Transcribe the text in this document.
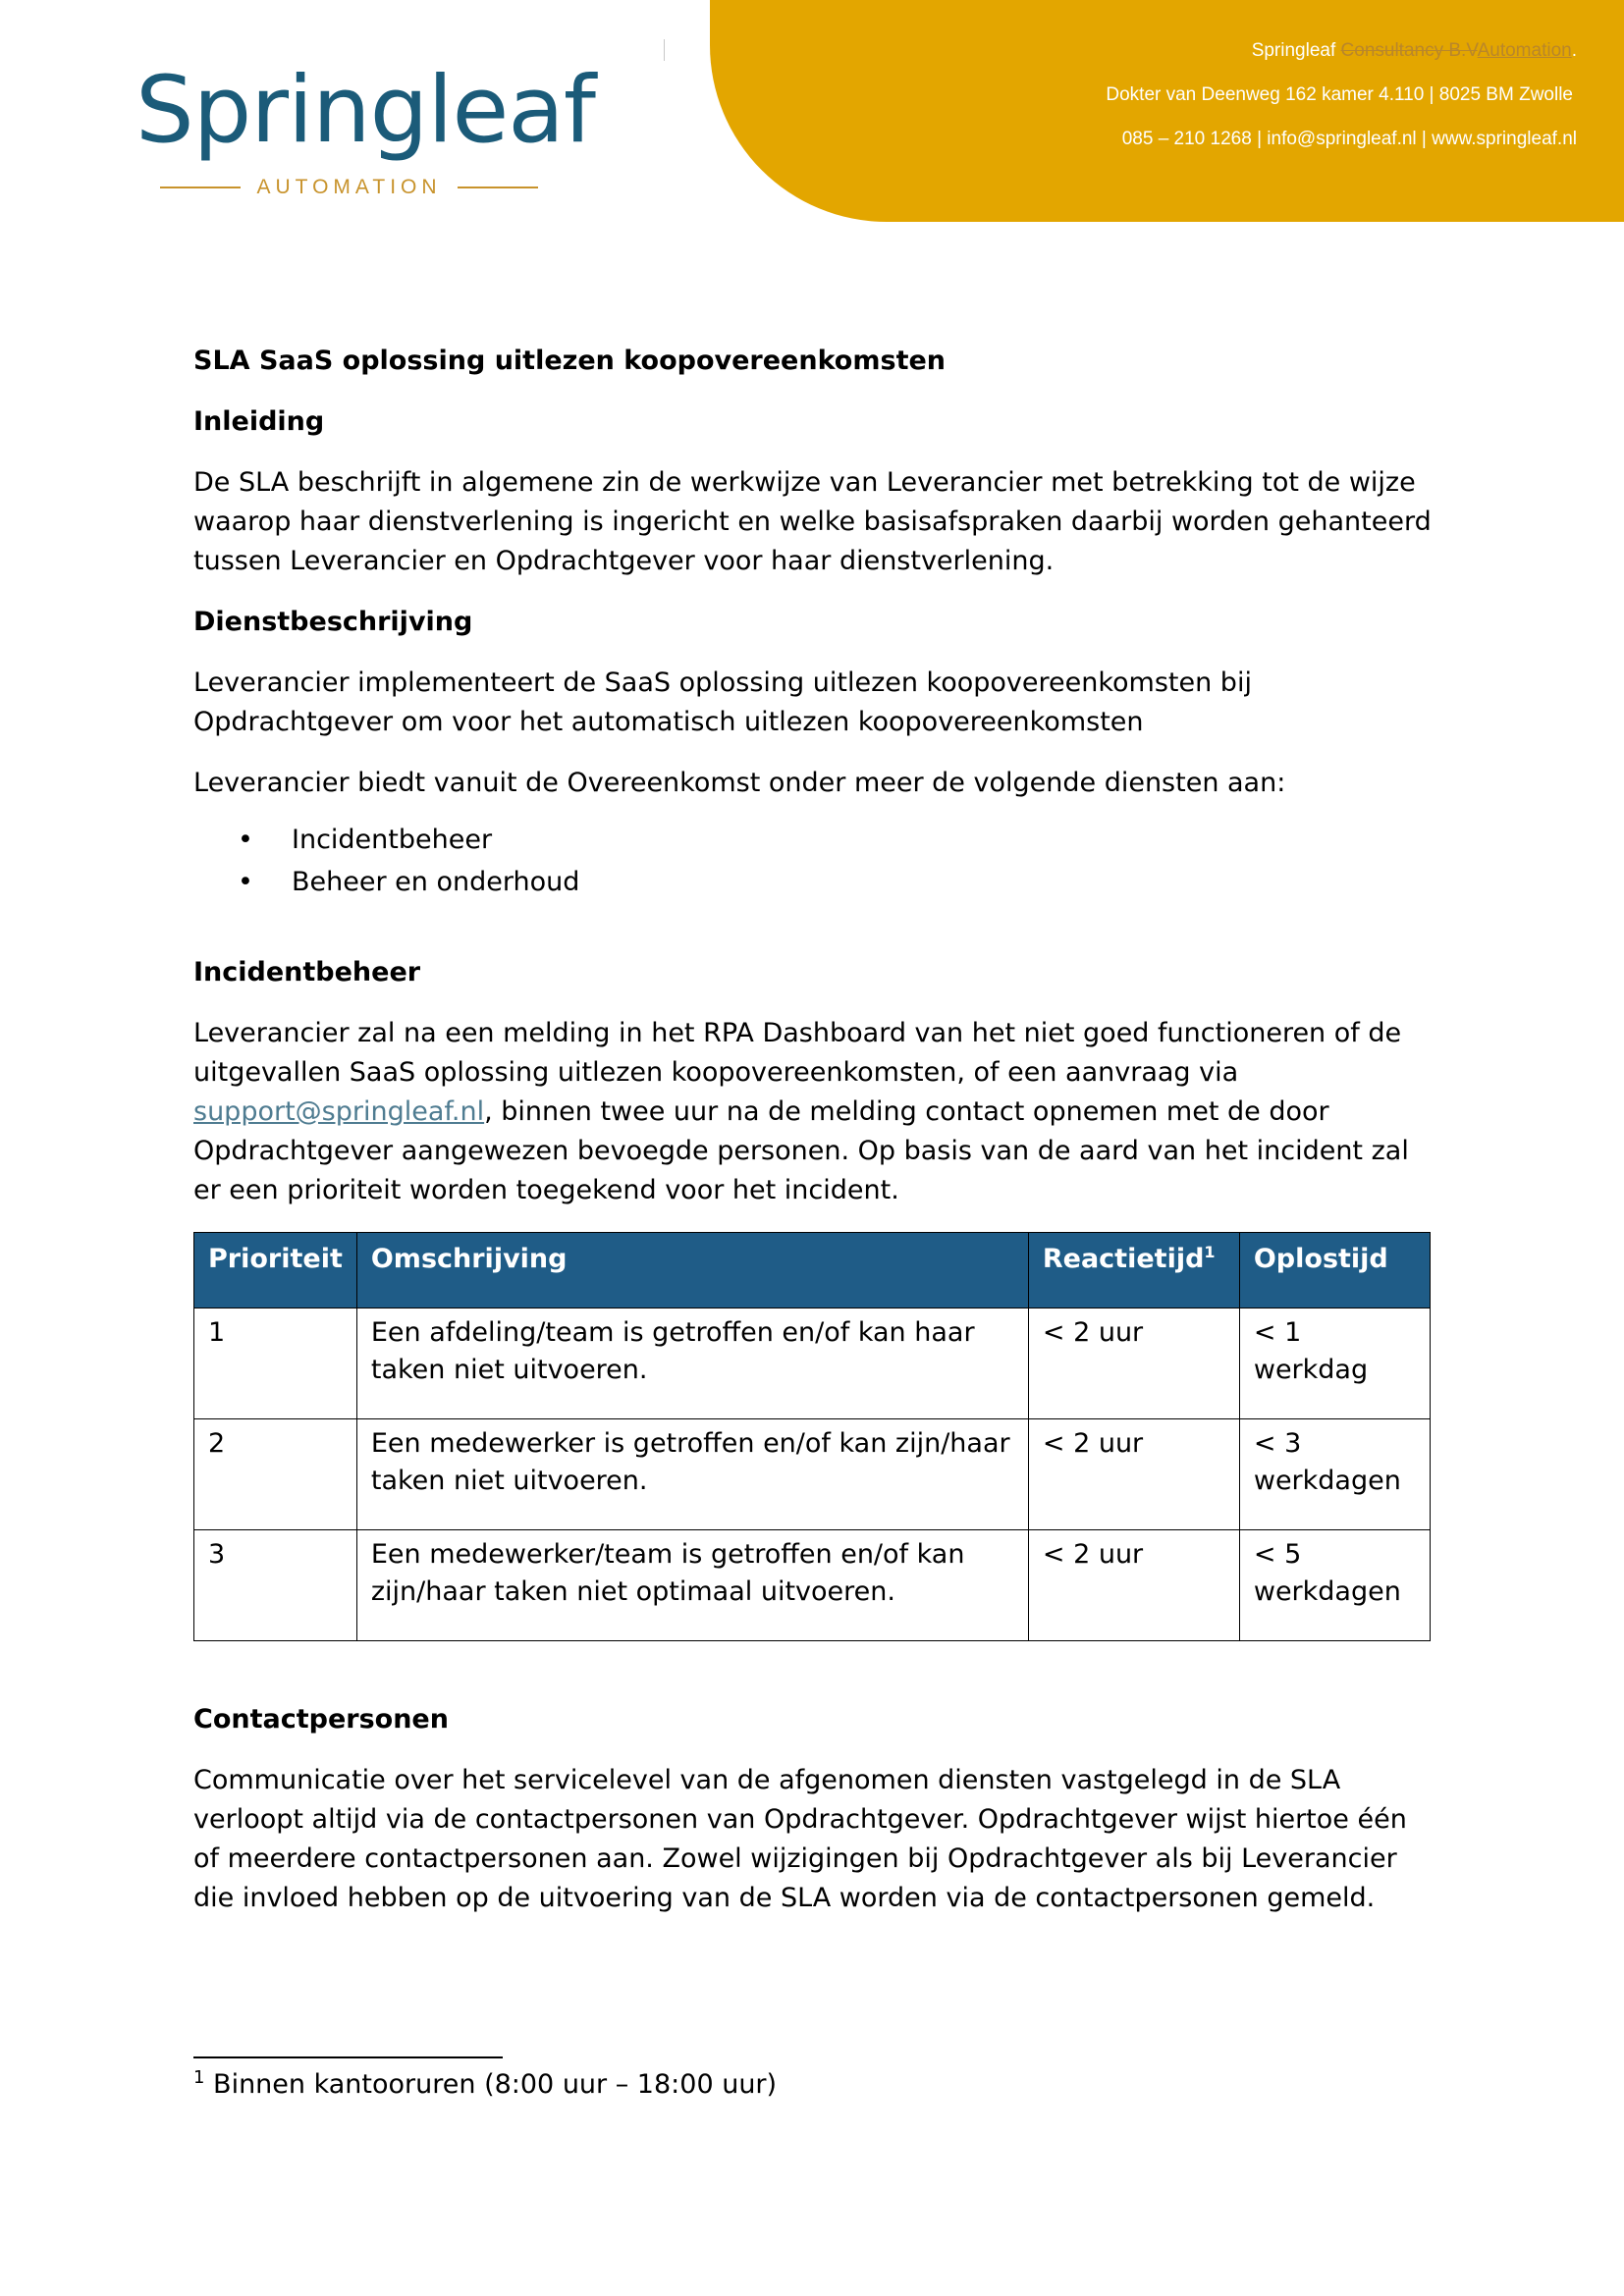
Springleaf Consultancy B.VAutomation.
Dokter van Deenweg 162 kamer 4.110 | 8025 BM Zwolle
085 – 210 1268 | info@springleaf.nl | www.springleaf.nl
Springleaf
AUTOMATION
SLA SaaS oplossing uitlezen koopovereenkomsten
Inleiding
De SLA beschrijft in algemene zin de werkwijze van Leverancier met betrekking tot de wijze waarop haar dienstverlening is ingericht en welke basisafspraken daarbij worden gehanteerd tussen Leverancier en Opdrachtgever voor haar dienstverlening.
Dienstbeschrijving
Leverancier implementeert de SaaS oplossing uitlezen koopovereenkomsten bij Opdrachtgever om voor het automatisch uitlezen koopovereenkomsten
Leverancier biedt vanuit de Overeenkomst onder meer de volgende diensten aan:
• Incidentbeheer
• Beheer en onderhoud
Incidentbeheer
Leverancier zal na een melding in het RPA Dashboard van het niet goed functioneren of de uitgevallen SaaS oplossing uitlezen koopovereenkomsten, of een aanvraag via support@springleaf.nl, binnen twee uur na de melding contact opnemen met de door Opdrachtgever aangewezen bevoegde personen. Op basis van de aard van het incident zal er een prioriteit worden toegekend voor het incident.
Prioriteit	Omschrijving	Reactietijd$^1$	Oplostijd
1	Een afdeling/team is getroffen en/of kan haar taken niet uitvoeren.	< 2 uur	< 1 werkdag
2	Een medewerker is getroffen en/of kan zijn/haar taken niet uitvoeren.	< 2 uur	< 3 werkdagen
3	Een medewerker/team is getroffen en/of kan zijn/haar taken niet optimaal uitvoeren.	< 2 uur	< 5 werkdagen
Contactpersonen
Communicatie over het servicelevel van de afgenomen diensten vastgelegd in de SLA verloopt altijd via de contactpersonen van Opdrachtgever. Opdrachtgever wijst hiertoe één of meerdere contactpersonen aan. Zowel wijzigingen bij Opdrachtgever als bij Leverancier die invloed hebben op de uitvoering van de SLA worden via de contactpersonen gemeld.
$^1$ Binnen kantooruren (8:00 uur – 18:00 uur)
